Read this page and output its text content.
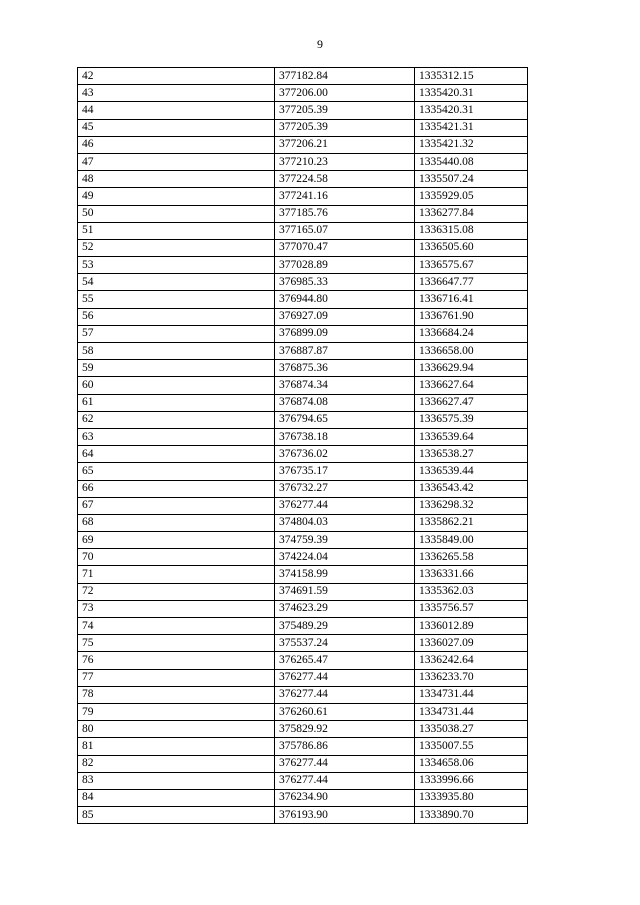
9
42	377182.84	1335312.15
43	377206.00	1335420.31
44	377205.39	1335420.31
45	377205.39	1335421.31
46	377206.21	1335421.32
47	377210.23	1335440.08
48	377224.58	1335507.24
49	377241.16	1335929.05
50	377185.76	1336277.84
51	377165.07	1336315.08
52	377070.47	1336505.60
53	377028.89	1336575.67
54	376985.33	1336647.77
55	376944.80	1336716.41
56	376927.09	1336761.90
57	376899.09	1336684.24
58	376887.87	1336658.00
59	376875.36	1336629.94
60	376874.34	1336627.64
61	376874.08	1336627.47
62	376794.65	1336575.39
63	376738.18	1336539.64
64	376736.02	1336538.27
65	376735.17	1336539.44
66	376732.27	1336543.42
67	376277.44	1336298.32
68	374804.03	1335862.21
69	374759.39	1335849.00
70	374224.04	1336265.58
71	374158.99	1336331.66
72	374691.59	1335362.03
73	374623.29	1335756.57
74	375489.29	1336012.89
75	375537.24	1336027.09
76	376265.47	1336242.64
77	376277.44	1336233.70
78	376277.44	1334731.44
79	376260.61	1334731.44
80	375829.92	1335038.27
81	375786.86	1335007.55
82	376277.44	1334658.06
83	376277.44	1333996.66
84	376234.90	1333935.80
85	376193.90	1333890.70
